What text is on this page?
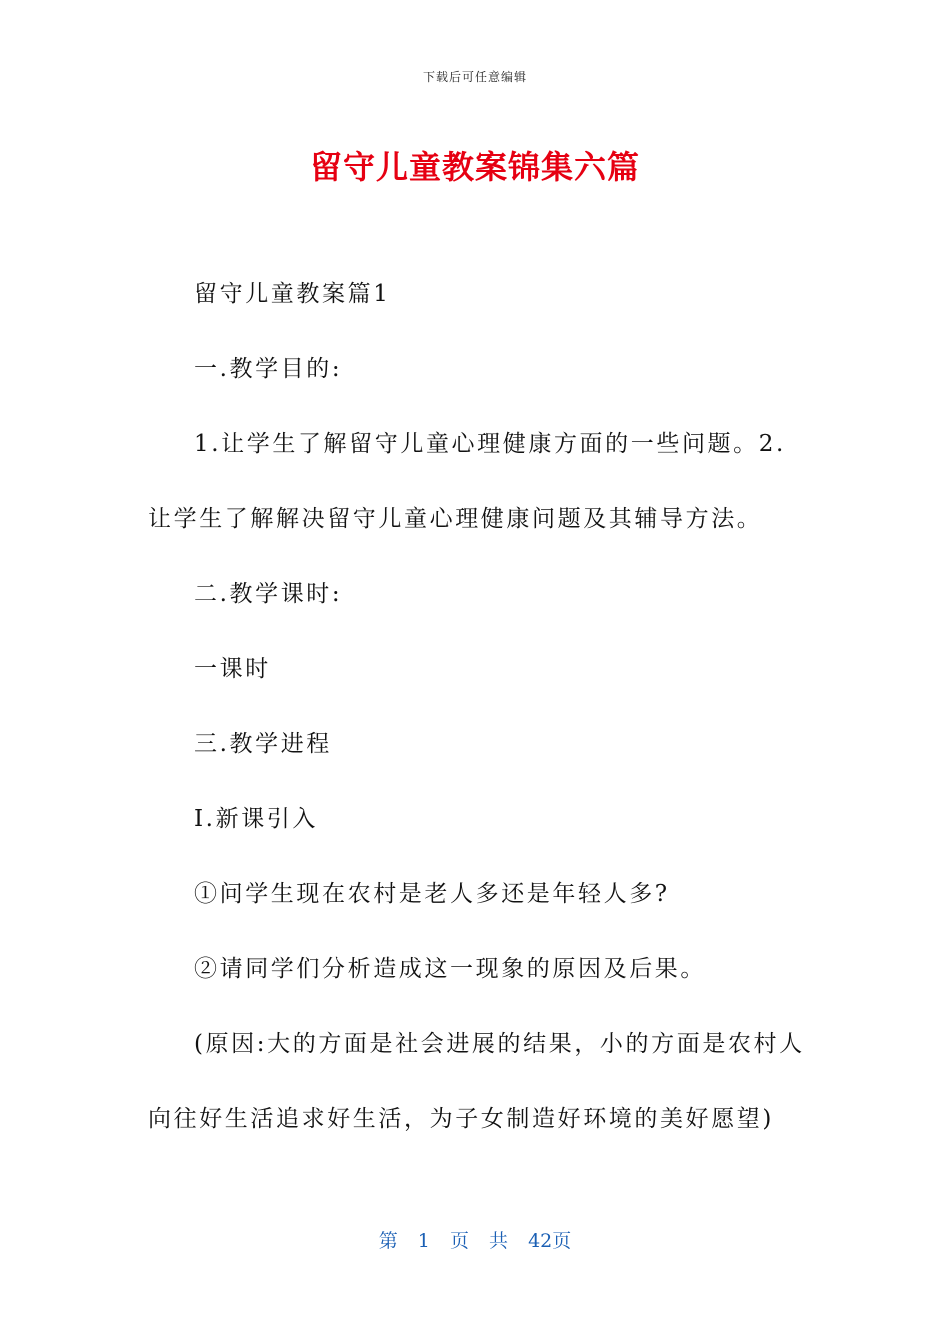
下载后可任意编辑
留守儿童教案锦集六篇

留守儿童教案篇1

一.教学目的:

1.让学生了解留守儿童心理健康方面的一些问题。2.让学生了解解决留守儿童心理健康问题及其辅导方法。

二.教学课时:

一课时

三.教学进程

Ⅰ.新课引入

①问学生现在农村是老人多还是年轻人多?

②请同学们分析造成这一现象的原因及后果。

(原因:大的方面是社会进展的结果，小的方面是农村人向往好生活追求好生活，为子女制造好环境的美好愿望)

第 1 页 共 42页
